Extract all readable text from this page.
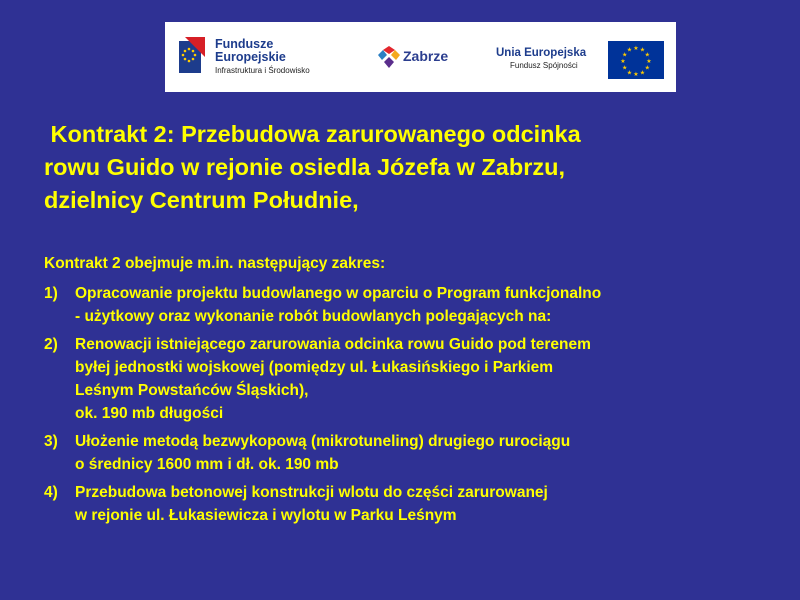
Fundusze
Europejskie
Infrastruktura i Środowisko
Zabrze	Unia Europejska
Fundusz Spójności
★ ★
★
★
★
★
★
★
★
★
★
★
Kontrakt 2: Przebudowa zarurowanego odcinka
rowu Guido w rejonie osiedla Józefa w Zabrzu,
dzielnicy Centrum Południe,

Kontrakt 2 obejmuje m.in. następujący zakres:

1) Opracowanie projektu budowlanego w oparciu o Program funkcjonalno
- użytkowy oraz wykonanie robót budowlanych polegających na:
2) Renowacji istniejącego zarurowania odcinka rowu Guido pod terenem
byłej jednostki wojskowej (pomiędzy ul. Łukasińskiego i Parkiem
Leśnym Powstańców Śląskich),
ok. 190 mb długości
3) Ułożenie metodą bezwykopową (mikrotuneling) drugiego rurociągu
o średnicy 1600 mm i dł. ok. 190 mb
4) Przebudowa betonowej konstrukcji wlotu do części zarurowanej
w rejonie ul. Łukasiewicza i wylotu w Parku Leśnym
